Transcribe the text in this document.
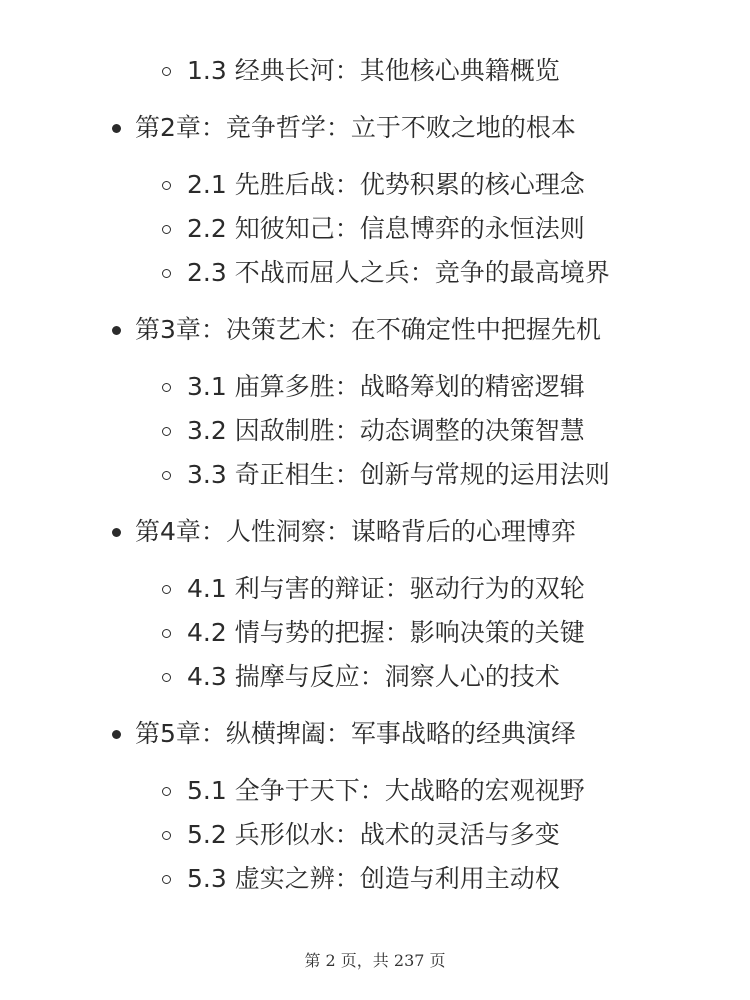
1.3 经典长河：其他核心典籍概览
第2章：竞争哲学：立于不败之地的根本
2.1 先胜后战：优势积累的核心理念
2.2 知彼知己：信息博弈的永恒法则
2.3 不战而屈人之兵：竞争的最高境界
第3章：决策艺术：在不确定性中把握先机
3.1 庙算多胜：战略筹划的精密逻辑
3.2 因敌制胜：动态调整的决策智慧
3.3 奇正相生：创新与常规的运用法则
第4章：人性洞察：谋略背后的心理博弈
4.1 利与害的辩证：驱动行为的双轮
4.2 情与势的把握：影响决策的关键
4.3 揣摩与反应：洞察人心的技术
第5章：纵横捭阖：军事战略的经典演绎
5.1 全争于天下：大战略的宏观视野
5.2 兵形似水：战术的灵活与多变
5.3 虚实之辨：创造与利用主动权
第 2 页，共 237 页
